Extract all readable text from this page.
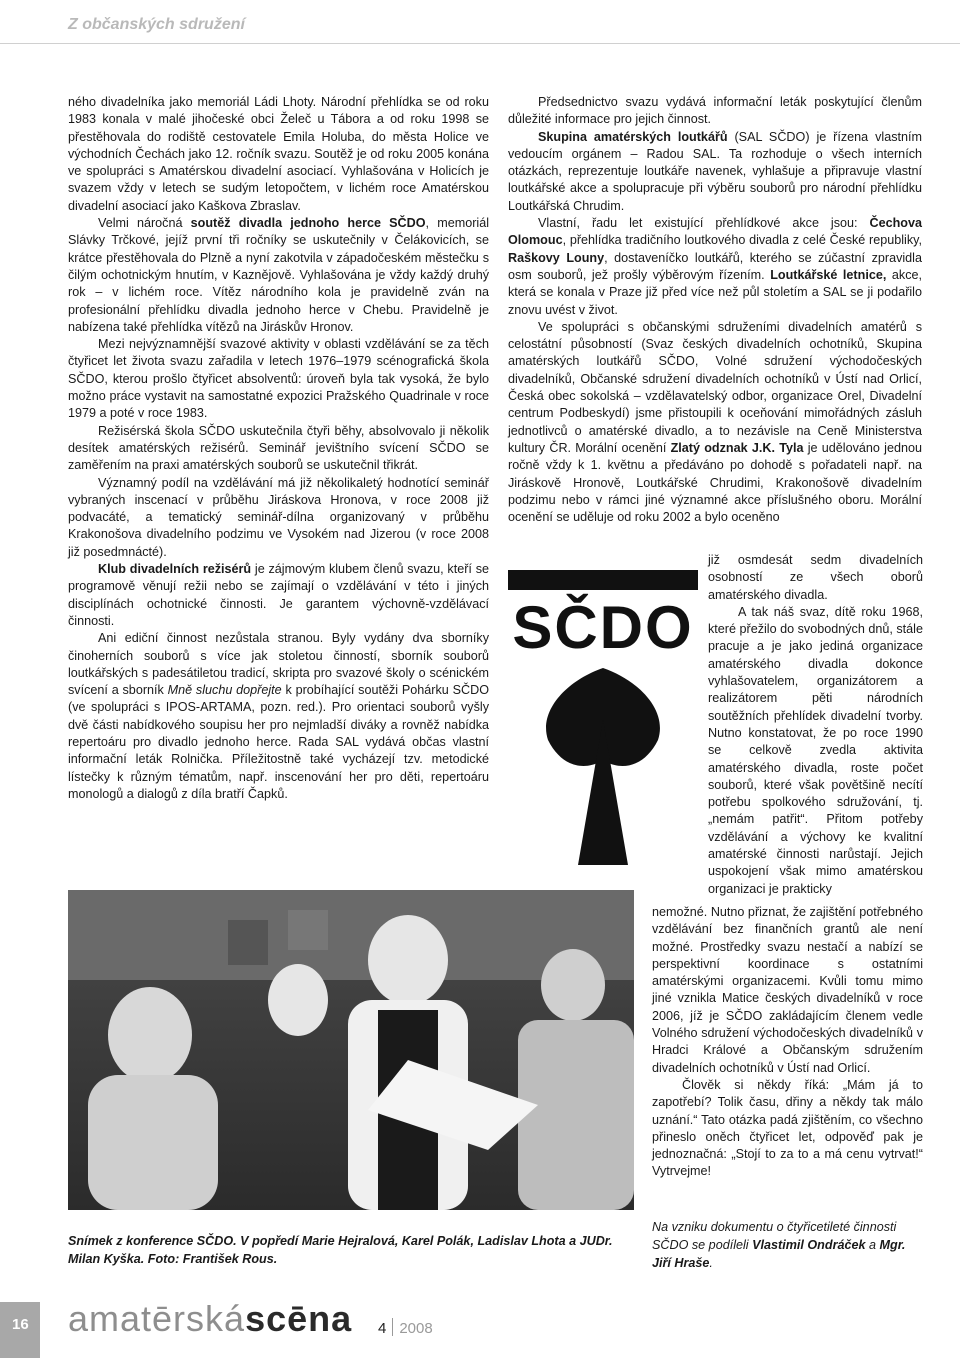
Z občanských sdružení

ného divadelníka jako memoriál Ládi Lhoty. Národní přehlídka se od roku 1983 konala v malé jihočeské obci Želeč u Tábora a od roku 1998 se přestěhovala do rodiště cestovatele Emila Holuba, do města Holice ve východních Čechách jako 12. ročník svazu. Soutěž je od roku 2005 konána ve spolupráci s Amatérskou divadelní asociací. Vyhlašována v Holicích je svazem vždy v letech se sudým letopočtem, v lichém roce Amatérskou divadelní asociací jako Kaškova Zbraslav.

Velmi náročná soutěž divadla jednoho herce SČDO, memoriál Slávky Trčkové, jejíž první tři ročníky se uskutečnily v Čelákovicích, se krátce přestěhovala do Plzně a nyní zakotvila v západočeském městečku s čilým ochotnickým hnutím, v Kaznějově. Vyhlašována je vždy každý druhý rok – v lichém roce. Vítěz národního kola je pravidelně zván na profesionální přehlídku divadla jednoho herce v Chebu. Pravidelně je nabízena také přehlídka vítězů na Jiráskův Hronov.

Mezi nejvýznamnější svazové aktivity v oblasti vzdělávání se za těch čtyřicet let života svazu zařadila v letech 1976–1979 scénografická škola SČDO, kterou prošlo čtyřicet absolventů: úroveň byla tak vysoká, že bylo možno práce vystavit na samostatné expozici Pražského Quadrinale v roce 1979 a poté v roce 1983.

Režisérská škola SČDO uskutečnila čtyři běhy, absolvovalo ji několik desítek amatérských režisérů. Seminář jevištního svícení SČDO se zaměřením na praxi amatérských souborů se uskutečnil třikrát.

Významný podíl na vzdělávání má již několikaletý hodnotící seminář vybraných inscenací v průběhu Jiráskova Hronova, v roce 2008 již podvacáté, a tematický seminář-dílna organizovaný v průběhu Krakonošova divadelního podzimu ve Vysokém nad Jizerou (v roce 2008 již posedmnácté).

Klub divadelních režisérů je zájmovým klubem členů svazu, kteří se programově věnují režii nebo se zajímají o vzdělávání v této i jiných disciplínách ochotnické činnosti. Je garantem výchovně-vzdělávací činnosti.

Ani ediční činnost nezůstala stranou. Byly vydány dva sborníky činoherních souborů s více jak stoletou činností, sborník souborů loutkářských s padesátiletou tradicí, skripta pro svazové školy o scénickém svícení a sborník Mně sluchu dopřejte k probíhající soutěži Pohárku SČDO (ve spolupráci s IPOS-ARTAMA, pozn. red.). Pro orientaci souborů vyšly dvě části nabídkového soupisu her pro nejmladší diváky a rovněž nabídka repertoáru pro divadlo jednoho herce. Rada SAL vydává občas vlastní informační leták Rolnička. Příležitostně také vycházejí tzv. metodické lístečky k různým tématům, např. inscenování her pro děti, repertoáru monologů a dialogů z díla bratří Čapků.

Předsednictvo svazu vydává informační leták poskytující členům důležité informace pro jejich činnost.

Skupina amatérských loutkářů (SAL SČDO) je řízena vlastním vedoucím orgánem – Radou SAL. Ta rozhoduje o všech interních otázkách, reprezentuje loutkáře navenek, vyhlašuje a připravuje vlastní loutkářské akce a spolupracuje při výběru souborů pro národní přehlídku Loutkářská Chrudim.

Vlastní, řadu let existující přehlídkové akce jsou: Čechova Olomouc, přehlídka tradičního loutkového divadla z celé České republiky, Raškovy Louny, dostaveníčko loutkářů, kterého se zúčastní zpravidla osm souborů, jež prošly výběrovým řízením. Loutkářské letnice, akce, která se konala v Praze již před více než půl stoletím a SAL se ji podařilo znovu uvést v život.

Ve spolupráci s občanskými sdruženími divadelních amatérů s celostátní působností (Svaz českých divadelních ochotníků, Skupina amatérských loutkářů SČDO, Volné sdružení východočeských divadelníků, Občanské sdružení divadelních ochotníků v Ústí nad Orlicí, Česká obec sokolská – vzdělavatelský odbor, organizace Orel, Divadelní centrum Podbeskydí) jsme přistoupili k oceňování mimořádných zásluh jednotlivců o amatérské divadlo, a to nezávisle na Ceně Ministerstva kultury ČR. Morální ocenění Zlatý odznak J.K. Tyla je udělováno jednou ročně vždy k 1. květnu a předáváno po dohodě s pořadateli např. na Jiráskově Hronově, Loutkářské Chrudimi, Krakonošově divadelním podzimu nebo v rámci jiné významné akce příslušného oboru. Morální ocenění se uděluje od roku 2002 a bylo oceněno

SČDO

již osmdesát sedm divadelních osobností ze všech oborů amatérského divadla.

A tak náš svaz, dítě roku 1968, které přežilo do svobodných dnů, stále pracuje a je jako jediná organizace amatérského divadla dokonce vyhlašovatelem, organizátorem a realizátorem pěti národních soutěžních přehlídek divadelní tvorby. Nutno konstatovat, že po roce 1990 se celkově zvedla aktivita amatérského divadla, roste počet souborů, které však povětšině necítí potřebu spolkového sdružování, tj. „nemám patřit“. Přitom potřeby vzdělávání a výchovy ke kvalitní amatérské činnosti narůstají. Jejich uspokojení však mimo amatérskou organizaci je prakticky

nemožné. Nutno přiznat, že zajištění potřebného vzdělávání bez finančních grantů ale není možné. Prostředky svazu nestačí a nabízí se perspektivní koordinace s ostatními amatérskými organizacemi. Kvůli tomu mimo jiné vznikla Matice českých divadelníků v roce 2006, jíž je SČDO zakládajícím členem vedle Volného sdružení východočeských divadelníků v Hradci Králové a Občanským sdružením divadelních ochotníků v Ústí nad Orlicí.

Člověk si někdy říká: „Mám já to zapotřebí? Tolik času, dřiny a někdy tak málo uznání.“ Tato otázka padá zjištěním, co všechno přineslo oněch čtyřicet let, odpověď pak je jednoznačná: „Stojí to za to a má cenu vytrvat!“ Vytrvejme!

Snímek z konference SČDO. V popředí Marie Hejralová, Karel Polák, Ladislav Lhota a JUDr. Milan Kyška. Foto: František Rous.
Na vzniku dokumentu o čtyřicetileté činnosti SČDO se podíleli Vlastimil Ondráček a Mgr. Jiří Hraše.
16 amatērskáscēna 4 2008
